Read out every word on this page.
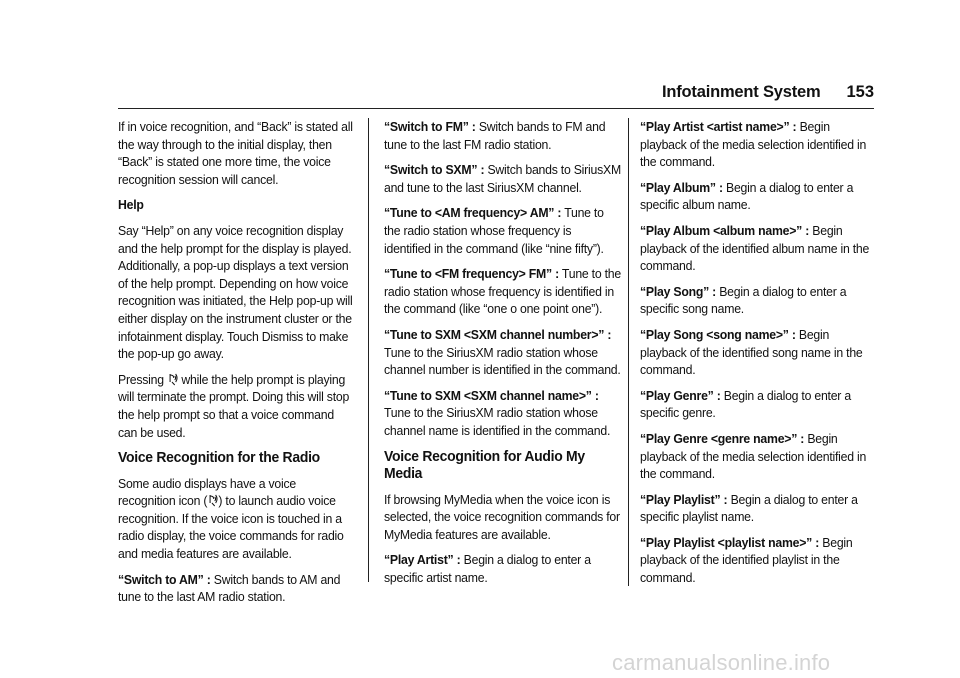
Infotainment System 153

If in voice recognition, and “Back” is stated all the way through to the initial display, then “Back” is stated one more time, the voice recognition session will cancel.

Help

Say “Help” on any voice recognition display and the help prompt for the display is played. Additionally, a pop-up displays a text version of the help prompt. Depending on how voice recognition was initiated, the Help pop-up will either display on the instrument cluster or the infotainment display. Touch Dismiss to make the pop-up go away.

Pressing while the help prompt is playing will terminate the prompt. Doing this will stop the help prompt so that a voice command can be used.

Voice Recognition for the Radio

Some audio displays have a voice recognition icon ( ) to launch audio voice recognition. If the voice icon is touched in a radio display, the voice commands for radio and media features are available.

“Switch to AM” : Switch bands to AM and tune to the last AM radio station.

“Switch to FM” : Switch bands to FM and tune to the last FM radio station.

“Switch to SXM” : Switch bands to SiriusXM and tune to the last SiriusXM channel.

“Tune to <AM frequency> AM” : Tune to the radio station whose frequency is identified in the command (like “nine fifty”).

“Tune to <FM frequency> FM” : Tune to the radio station whose frequency is identified in the command (like “one o one point one”).

“Tune to SXM <SXM channel number>” : Tune to the SiriusXM radio station whose channel number is identified in the command.

“Tune to SXM <SXM channel name>” : Tune to the SiriusXM radio station whose channel name is identified in the command.

Voice Recognition for Audio My Media

If browsing MyMedia when the voice icon is selected, the voice recognition commands for MyMedia features are available.

“Play Artist” : Begin a dialog to enter a specific artist name.

“Play Artist <artist name>” : Begin playback of the media selection identified in the command.

“Play Album” : Begin a dialog to enter a specific album name.

“Play Album <album name>” : Begin playback of the identified album name in the command.

“Play Song” : Begin a dialog to enter a specific song name.

“Play Song <song name>” : Begin playback of the identified song name in the command.

“Play Genre” : Begin a dialog to enter a specific genre.

“Play Genre <genre name>” : Begin playback of the media selection identified in the command.

“Play Playlist” : Begin a dialog to enter a specific playlist name.

“Play Playlist <playlist name>” : Begin playback of the identified playlist in the command.

carmanualsonline.info
